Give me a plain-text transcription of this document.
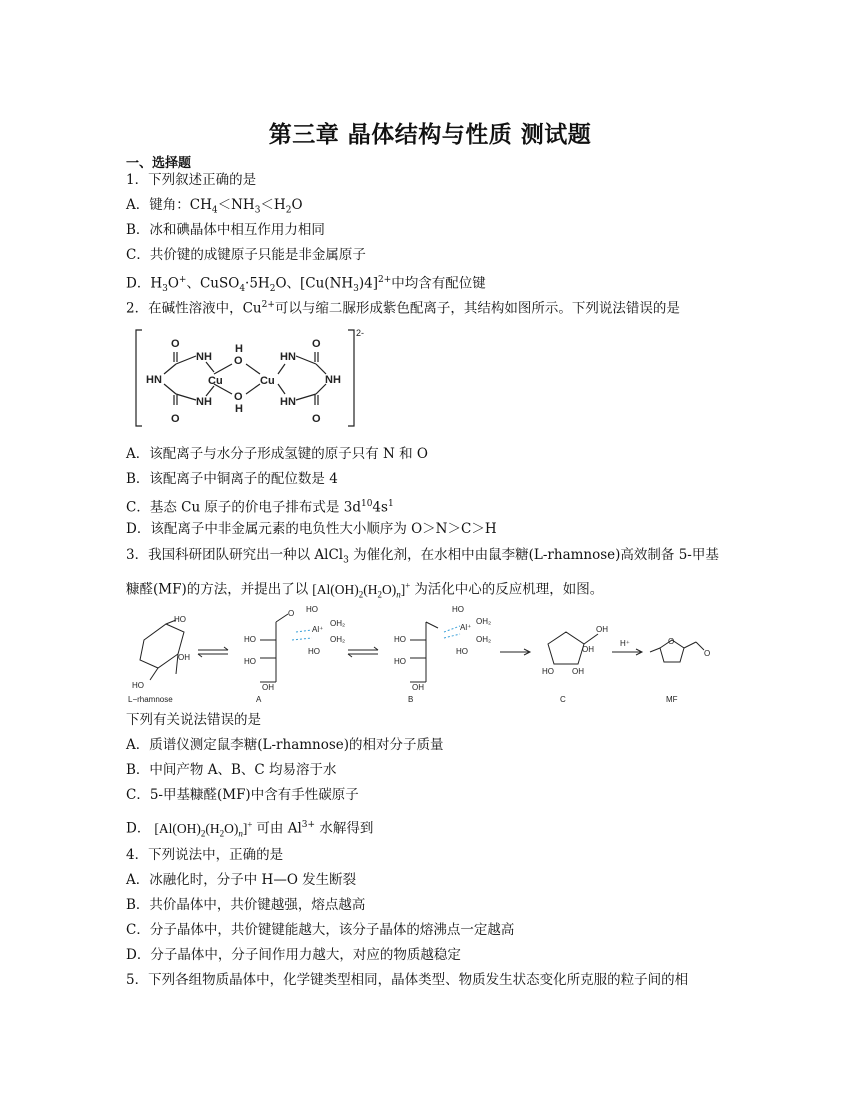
第三章 晶体结构与性质 测试题
一、选择题
1．下列叙述正确的是
A．键角：$CH_4<NH_3<H_2O$
B．冰和碘晶体中相互作用力相同
C．共价键的成键原子只能是非金属原子
D．$H_3O^+$、$CuSO_4\cdot 5H_2O$、$[Cu(NH_3)4]^{2+}$中均含有配位键
2．在碱性溶液中，$Cu^{2+}$可以与缩二脲形成紫色配离子，其结构如图所示。下列说法错误的是
O
NH	HN
O
O
NH	HN
O
H
O
O
H
Cu	Cu
HN	NH
2-
A．该配离子与水分子形成氢键的原子只有 N 和 O
B．该配离子中铜离子的配位数是 4
C．基态 Cu 原子的价电子排布式是 $3d^{10}4s^1$
D．该配离子中非金属元素的电负性大小顺序为 O＞N＞C＞H
3．我国科研团队研究出一种以 AlCl$_3$ 为催化剂，在水相中由鼠李糖(L-rhamnose)高效制备 5-甲基
糠醛(MF)的方法，并提出了以 $[Al(OH)_2(H_2O)_n]^+$ 为活化中心的反应机理，如图。
HO
OH
HO
O HO
Al⁺
OH₂
OH₂
HO
HO
HO
OH
HO
Al⁺
OH₂
OH₂
HO
HO
HO
OH
OH
OH
HO OH
O
O
L−rhamnose	A	B	C	MF
H⁺
下列有关说法错误的是
A．质谱仪测定鼠李糖(L-rhamnose)的相对分子质量
B．中间产物 A、B、C 均易溶于水
C．5-甲基糠醛(MF)中含有手性碳原子
D． $[Al(OH)_2(H_2O)_n]^+$ 可由 $Al^{3+}$ 水解得到
4．下列说法中，正确的是
A．冰融化时，分子中 H—O 发生断裂
B．共价晶体中，共价键越强，熔点越高
C．分子晶体中，共价键键能越大，该分子晶体的熔沸点一定越高
D．分子晶体中，分子间作用力越大，对应的物质越稳定
5．下列各组物质晶体中，化学键类型相同，晶体类型、物质发生状态变化所克服的粒子间的相
